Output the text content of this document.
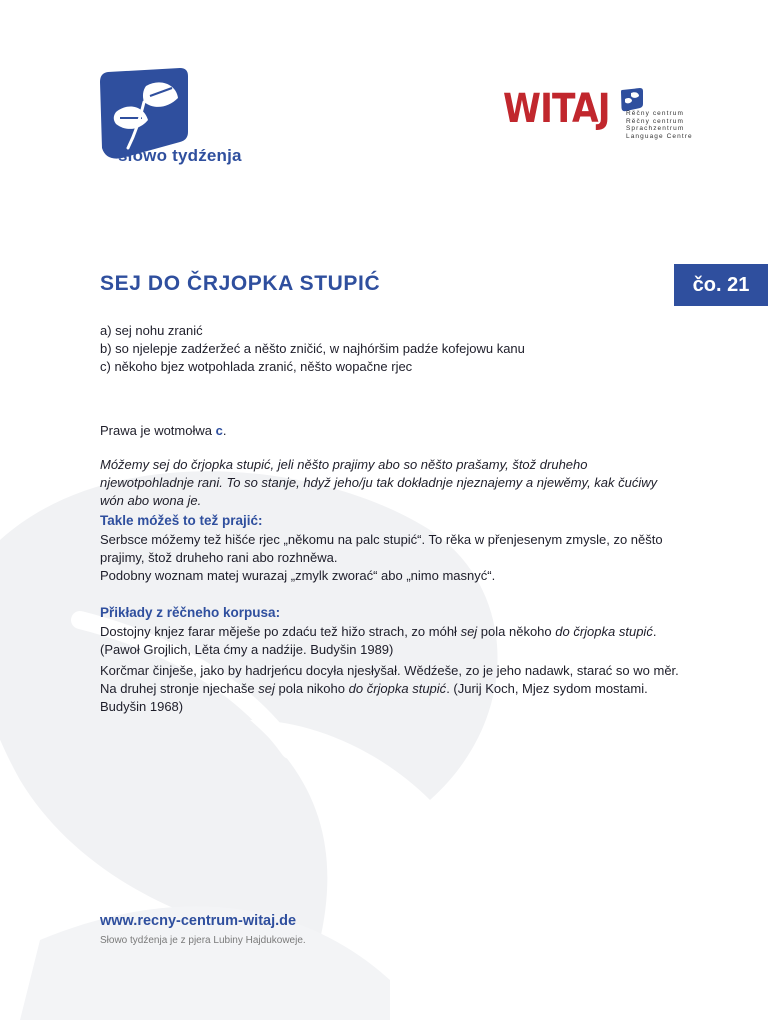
słowo tydźenja
WITAJ	Rěčny centrum
Rěčny centrum
Sprachzentrum
Language Centre
SEJ DO ČRJOPKA STUPIĆ	čo. 21
a) sej nohu zranić
b) so njelepje zadźeržeć a něšto zničić, w najhóršim padźe kofejowu kanu
c) někoho bjez wotpohlada zranić, něšto wopačne rjec
Prawa je wotmołwa c.
Móžemy sej do črjopka stupić, jeli něšto prajimy abo so něšto prašamy, štož druheho njewotpohladnje rani. To so stanje, hdyž jeho/ju tak dokładnje njeznajemy a njewěmy, kak čućiwy wón abo wona je.
Takle móžeš to tež prajić:
Serbsce móžemy tež hišće rjec „někomu na palc stupić“. To rěka w přenjesenym zmysle, zo něšto prajimy, štož druheho rani abo rozhněwa.
Podobny woznam matej wurazaj „zmylk zworać“ abo „nimo masnyć“.
Přikłady z rěčneho korpusa:
Dostojny knjez farar měješe po zdaću tež hižo strach, zo móhł sej pola někoho do črjopka stupić. (Pawoł Grojlich, Lěta ćmy a nadźije. Budyšin 1989)
Korčmar činješe, jako by hadrjeńcu docyła njesłyšał. Wědźeše, zo je jeho nadawk, starać so wo měr. Na druhej stronje njechaše sej pola nikoho do črjopka stupić. (Jurij Koch, Mjez sydom mostami. Budyšin 1968)
www.recny-centrum-witaj.de
Słowo tydźenja je z pjera Lubiny Hajdukoweje.
